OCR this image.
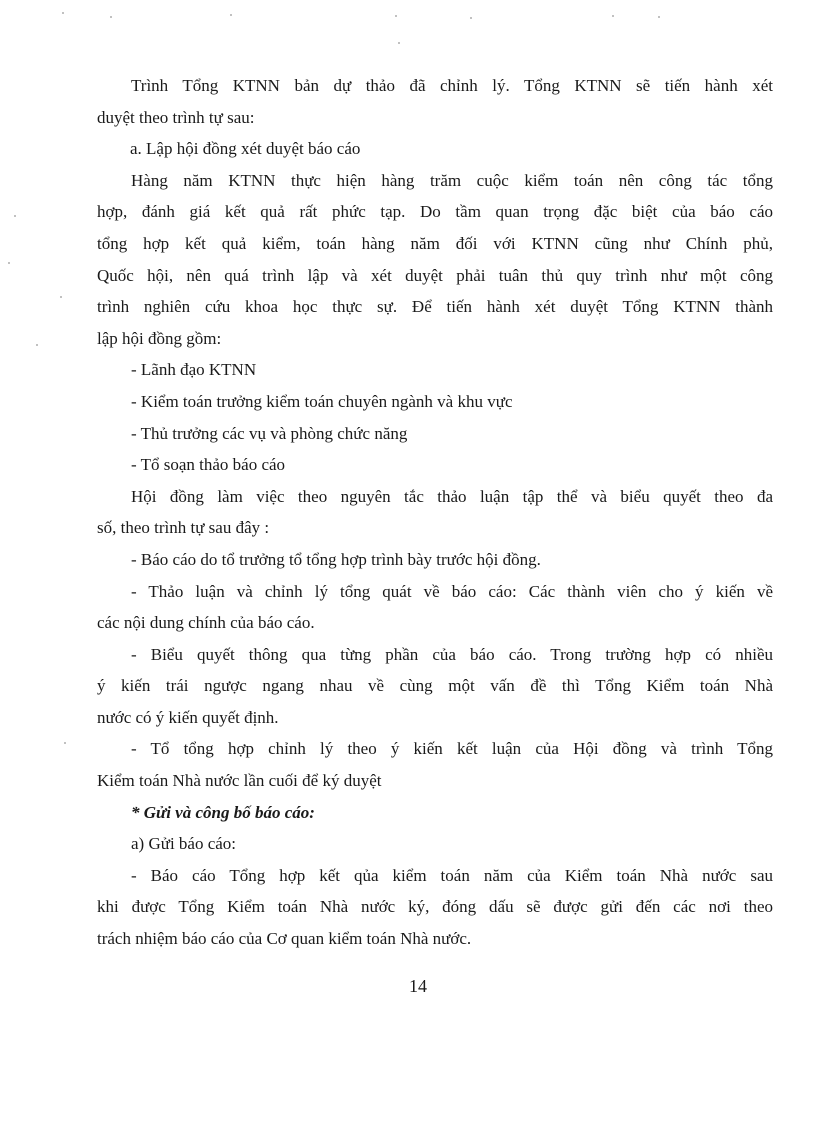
Trình Tổng KTNN bản dự thảo đã chỉnh lý. Tổng KTNN sẽ tiến hành xét
duyệt theo trình tự sau:
a. Lập hội đồng xét duyệt báo cáo
Hàng năm KTNN thực hiện hàng trăm cuộc kiểm toán nên công tác tổng
hợp, đánh giá kết quả rất phức tạp. Do tầm quan trọng đặc biệt của báo cáo
tổng hợp kết quả kiểm, toán hàng năm đối với KTNN cũng như Chính phủ,
Quốc hội, nên quá trình lập và xét duyệt phải tuân thủ quy trình như một công
trình nghiên cứu khoa học thực sự. Để tiến hành xét duyệt Tổng KTNN thành
lập hội đồng gồm:
- Lãnh đạo KTNN
- Kiểm toán trưởng kiểm toán chuyên ngành và khu vực
- Thủ trưởng các vụ và phòng chức năng
- Tổ soạn thảo báo cáo
Hội đồng làm việc theo nguyên tắc thảo luận tập thể và biểu quyết theo đa
số, theo trình tự sau đây :
- Báo cáo do tổ trưởng tổ tổng hợp trình bày trước hội đồng.
- Thảo luận và chỉnh lý tổng quát về báo cáo: Các thành viên cho ý kiến về
các nội dung chính của báo cáo.
- Biểu quyết thông qua từng phần của báo cáo. Trong trường hợp có nhiều
ý kiến trái ngược ngang nhau về cùng một vấn đề thì Tổng Kiểm toán Nhà
nước có ý kiến quyết định.
- Tổ tổng hợp chỉnh lý theo ý kiến kết luận của Hội đồng và trình Tổng
Kiểm toán Nhà nước lần cuối để ký duyệt
* Gửi và công bố báo cáo:
a) Gửi báo cáo:
- Báo cáo Tổng hợp kết qủa kiểm toán năm của Kiểm toán Nhà nước sau
khi được Tổng Kiểm toán Nhà nước ký, đóng dấu sẽ được gửi đến các nơi theo
trách nhiệm báo cáo của Cơ quan kiểm toán Nhà nước.
14
